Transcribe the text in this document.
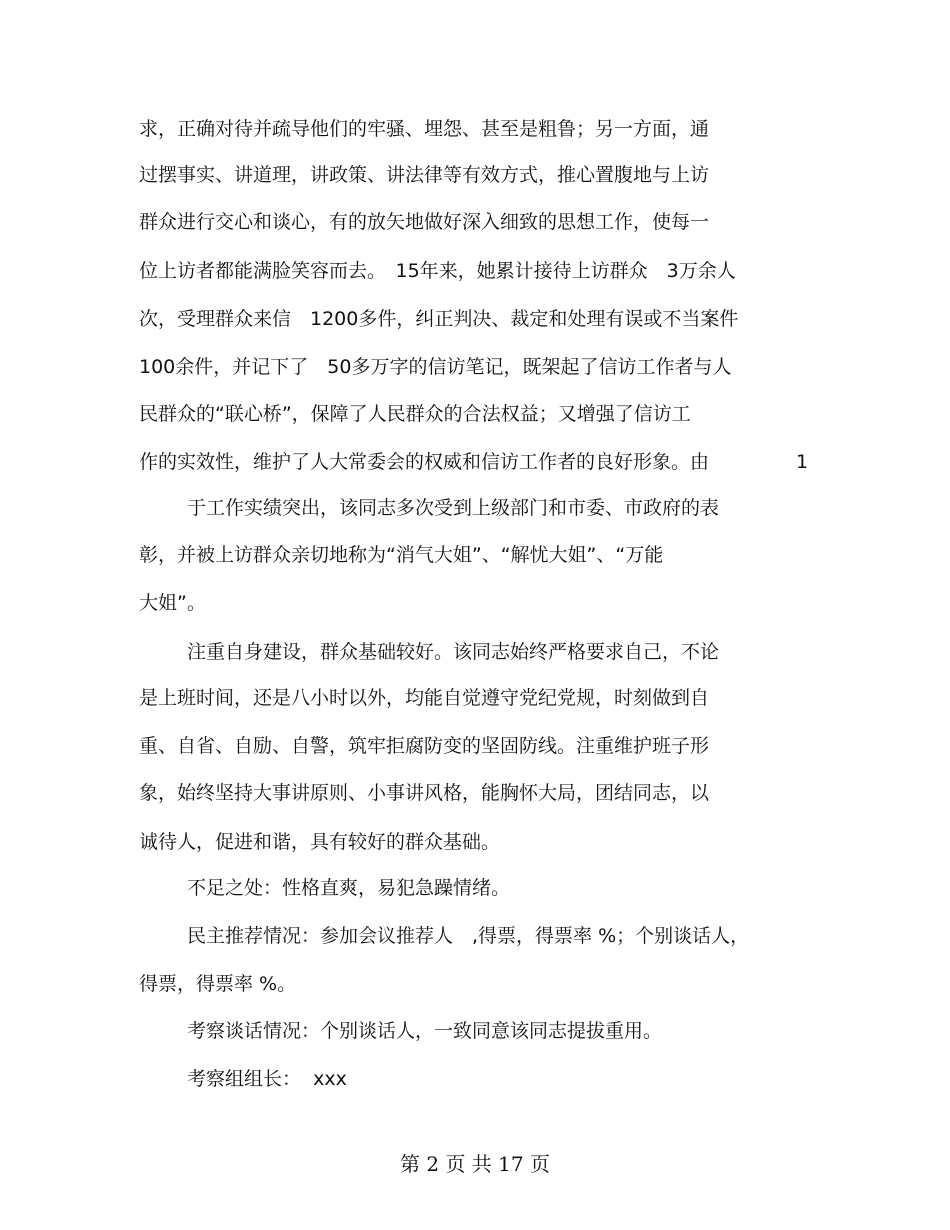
求，正确对待并疏导他们的牢骚、埋怨、甚至是粗鲁；另一方面，通
过摆事实、讲道理，讲政策、讲法律等有效方式，推心置腹地与上访
群众进行交心和谈心，有的放矢地做好深入细致的思想工作，使每一
位上访者都能满脸笑容而去。　15年来，她累计接待上访群众　3万余人
次，受理群众来信　1200多件，纠正判决、裁定和处理有误或不当案件
100余件，并记下了　50多万字的信访笔记，既架起了信访工作者与人
民群众的“联心桥”，保障了人民群众的合法权益；又增强了信访工
作的实效性，维护了人大常委会的权威和信访工作者的良好形象。由	1
于工作实绩突出，该同志多次受到上级部门和市委、市政府的表
彰，并被上访群众亲切地称为“消气大姐”、“解忧大姐”、“万能
大姐”。
注重自身建设，群众基础较好。该同志始终严格要求自己，不论
是上班时间，还是八小时以外，均能自觉遵守党纪党规，时刻做到自
重、自省、自励、自警，筑牢拒腐防变的坚固防线。注重维护班子形
象，始终坚持大事讲原则、小事讲风格，能胸怀大局，团结同志，以
诚待人，促进和谐，具有较好的群众基础。
不足之处：性格直爽，易犯急躁情绪。
民主推荐情况：参加会议推荐人　,得票，得票率 %；个别谈话人，
得票，得票率 %。
考察谈话情况：个别谈话人，一致同意该同志提拔重用。
考察组组长：  xxx
第 2 页 共 17 页
